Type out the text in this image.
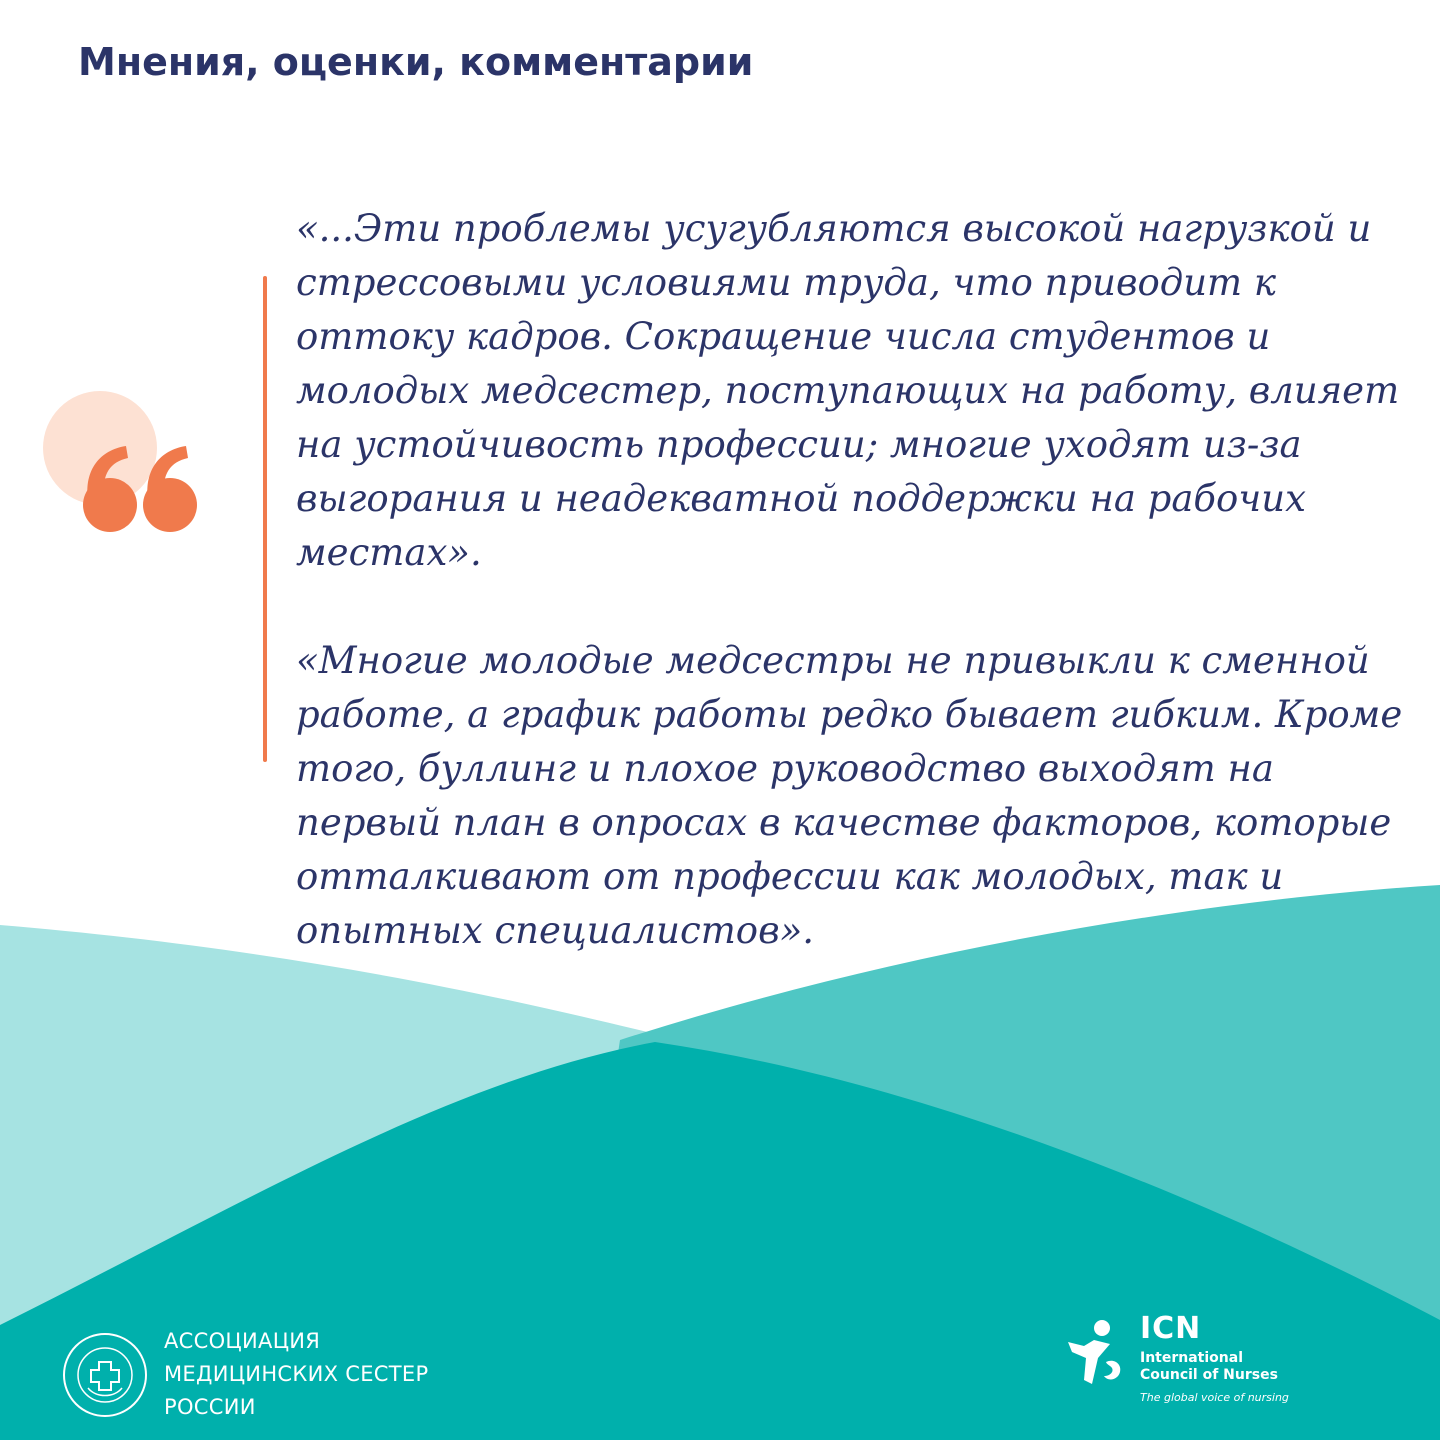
Мнения, оценки, комментарии

«...Эти проблемы усугубляются высокой нагрузкой и стрессовыми условиями труда, что приводит к оттоку кадров. Сокращение числа студентов и молодых медсестер, поступающих на работу, влияет на устойчивость профессии; многие уходят из-за выгорания и неадекватной поддержки на рабочих местах».

«Многие молодые медсестры не привыкли к сменной работе, а график работы редко бывает гибким. Кроме того, буллинг и плохое руководство выходят на первый план в опросах в качестве факторов, которые отталкивают от профессии как молодых, так и опытных специалистов».

АССОЦИАЦИЯ
МЕДИЦИНСКИХ СЕСТЕР
РОССИИ
ICN
International
Council of Nurses
The global voice of nursing
